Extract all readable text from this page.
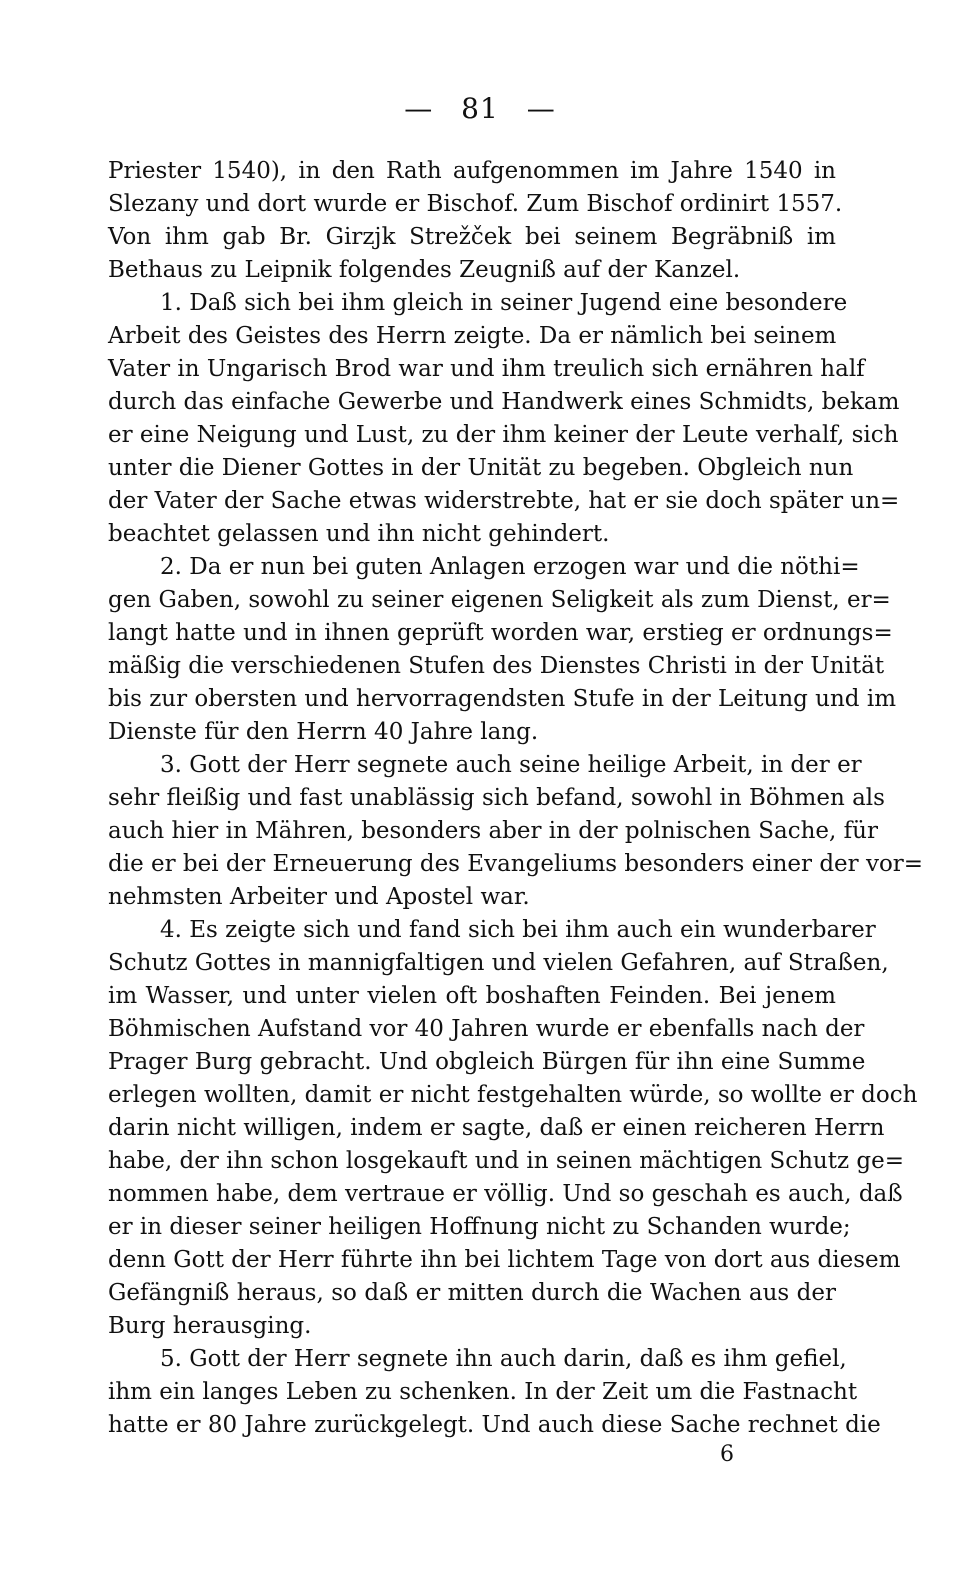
— 81 —
Priester 1540), in den Rath aufgenommen im Jahre 1540 in
Slezany und dort wurde er Bischof. Zum Bischof ordinirt 1557.
Von ihm gab Br. Girzjk Strežček bei seinem Begräbniß im
Bethaus zu Leipnik folgendes Zeugniß auf der Kanzel.
1. Daß sich bei ihm gleich in seiner Jugend eine besondere
Arbeit des Geistes des Herrn zeigte. Da er nämlich bei seinem
Vater in Ungarisch Brod war und ihm treulich sich ernähren half
durch das einfache Gewerbe und Handwerk eines Schmidts, bekam
er eine Neigung und Lust, zu der ihm keiner der Leute verhalf, sich
unter die Diener Gottes in der Unität zu begeben. Obgleich nun
der Vater der Sache etwas widerstrebte, hat er sie doch später un=
beachtet gelassen und ihn nicht gehindert.
2. Da er nun bei guten Anlagen erzogen war und die nöthi=
gen Gaben, sowohl zu seiner eigenen Seligkeit als zum Dienst, er=
langt hatte und in ihnen geprüft worden war, erstieg er ordnungs=
mäßig die verschiedenen Stufen des Dienstes Christi in der Unität
bis zur obersten und hervorragendsten Stufe in der Leitung und im
Dienste für den Herrn 40 Jahre lang.
3. Gott der Herr segnete auch seine heilige Arbeit, in der er
sehr fleißig und fast unablässig sich befand, sowohl in Böhmen als
auch hier in Mähren, besonders aber in der polnischen Sache, für
die er bei der Erneuerung des Evangeliums besonders einer der vor=
nehmsten Arbeiter und Apostel war.
4. Es zeigte sich und fand sich bei ihm auch ein wunderbarer
Schutz Gottes in mannigfaltigen und vielen Gefahren, auf Straßen,
im Wasser, und unter vielen oft boshaften Feinden. Bei jenem
Böhmischen Aufstand vor 40 Jahren wurde er ebenfalls nach der
Prager Burg gebracht. Und obgleich Bürgen für ihn eine Summe
erlegen wollten, damit er nicht festgehalten würde, so wollte er doch
darin nicht willigen, indem er sagte, daß er einen reicheren Herrn
habe, der ihn schon losgekauft und in seinen mächtigen Schutz ge=
nommen habe, dem vertraue er völlig. Und so geschah es auch, daß
er in dieser seiner heiligen Hoffnung nicht zu Schanden wurde;
denn Gott der Herr führte ihn bei lichtem Tage von dort aus diesem
Gefängniß heraus, so daß er mitten durch die Wachen aus der
Burg herausging.
5. Gott der Herr segnete ihn auch darin, daß es ihm gefiel,
ihm ein langes Leben zu schenken. In der Zeit um die Fastnacht
hatte er 80 Jahre zurückgelegt. Und auch diese Sache rechnet die
6
